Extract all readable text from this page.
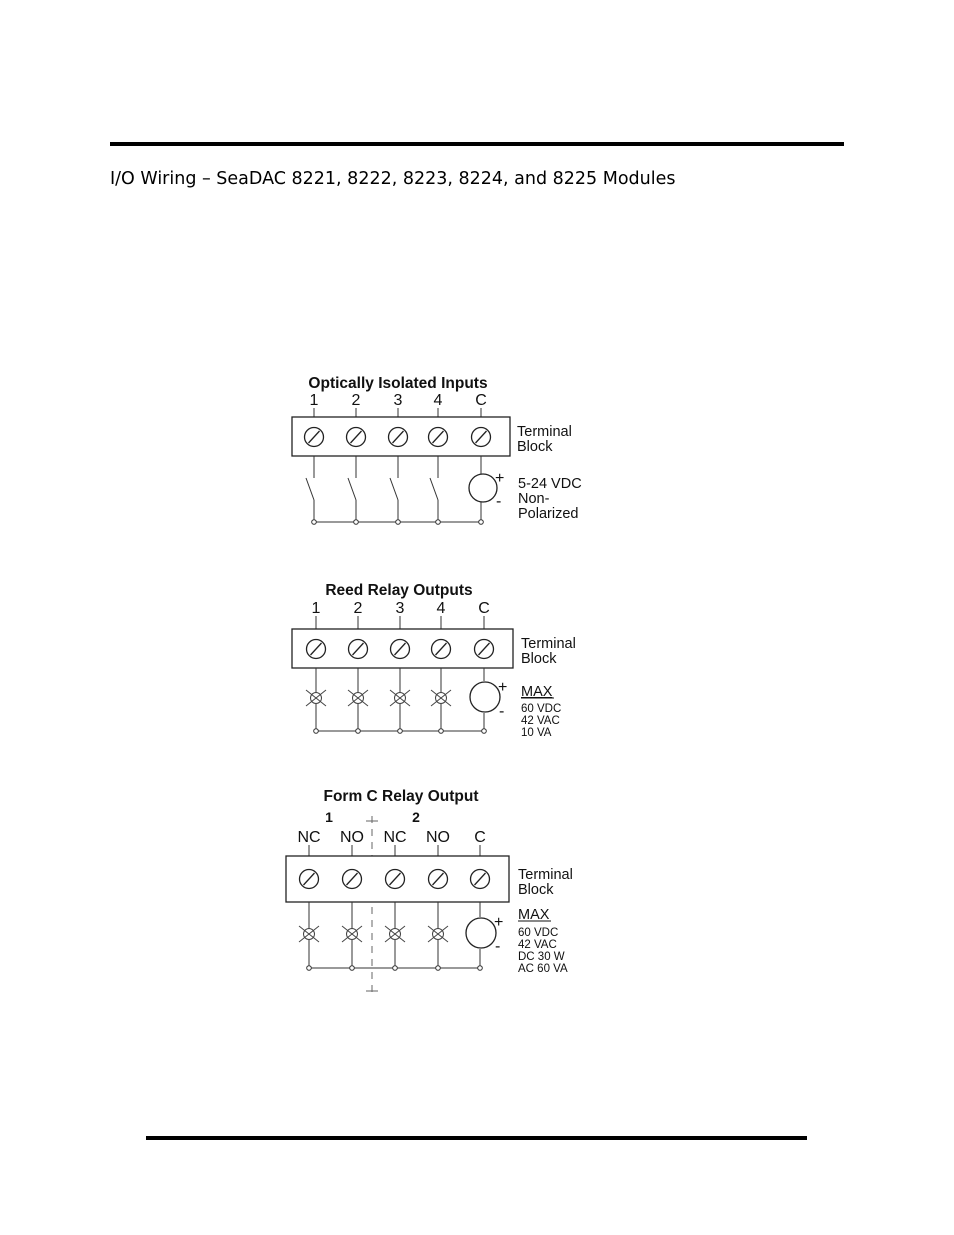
I/O Wiring – SeaDAC 8221, 8222, 8223, 8224, and 8225 Modules
Optically Isolated Inputs
1 2 3 4 C
Terminal
Block
+
-
5-24 VDC
Non-
Polarized
Reed Relay Outputs
1 2 3 4 C
Terminal
Block
+
-
MAX
60 VDC
42 VAC
10 VA
Form C Relay Output
1	2
NC NO NC NO C
Terminal
Block
+
-
MAX
60 VDC
42 VAC
DC 30 W
AC 60 VA
